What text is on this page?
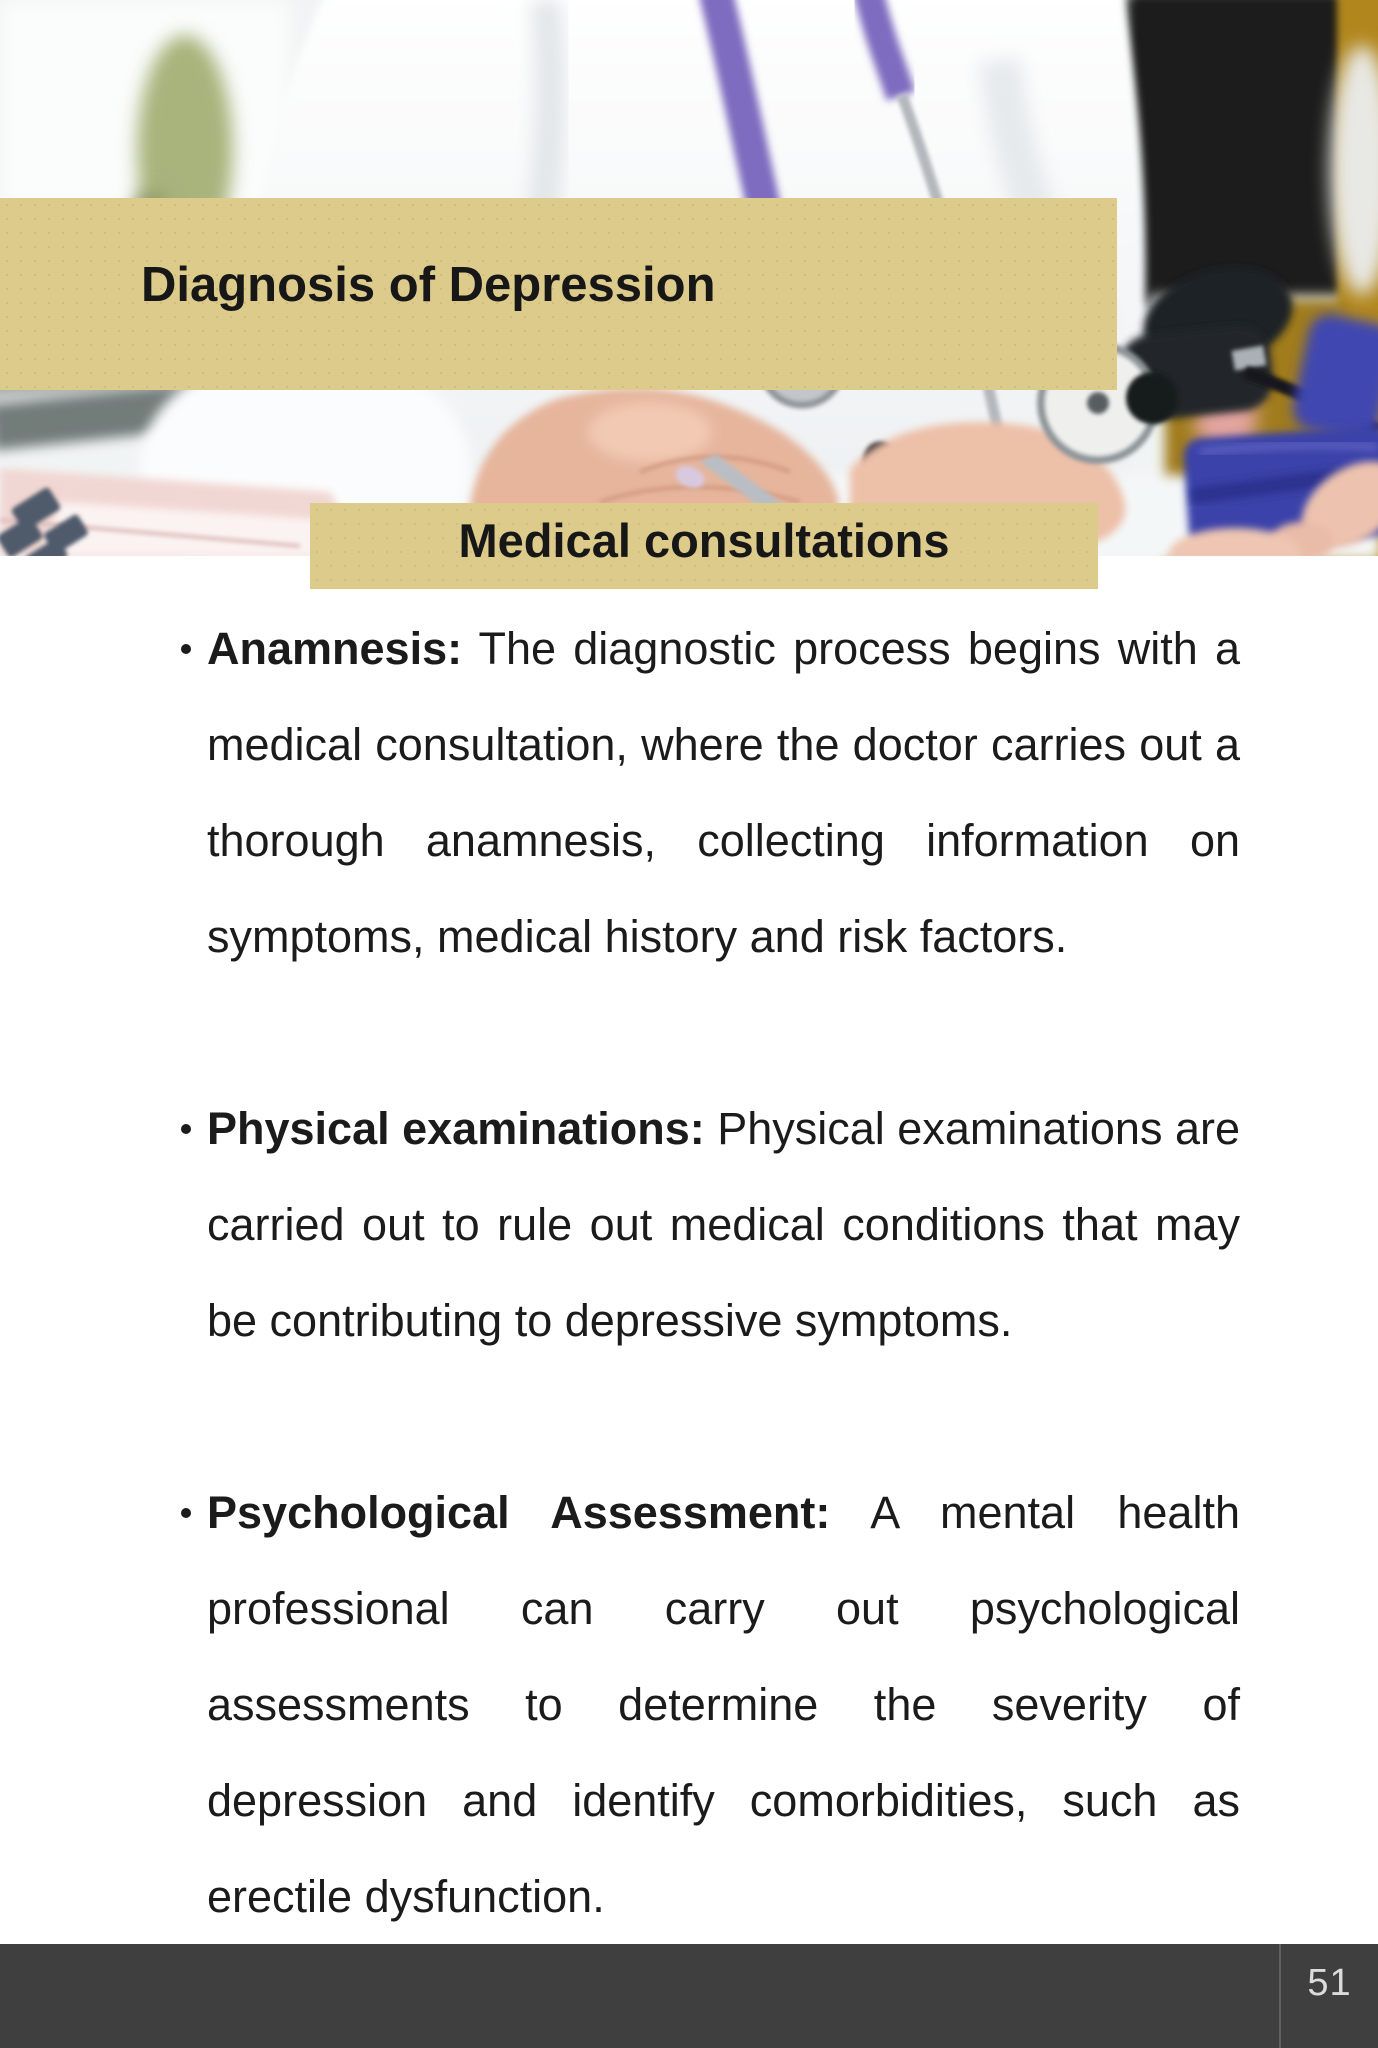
Diagnosis of Depression
Medical consultations
Anamnesis: The diagnostic process begins with a medical consultation, where the doctor carries out a thorough anamnesis, collecting information on symptoms, medical history and risk factors.
Physical examinations: Physical examinations are carried out to rule out medical conditions that may be contributing to depressive symptoms.
Psychological Assessment: A mental health professional can carry out psychological assessments to determine the severity of depression and identify comorbidities, such as erectile dysfunction.
51
